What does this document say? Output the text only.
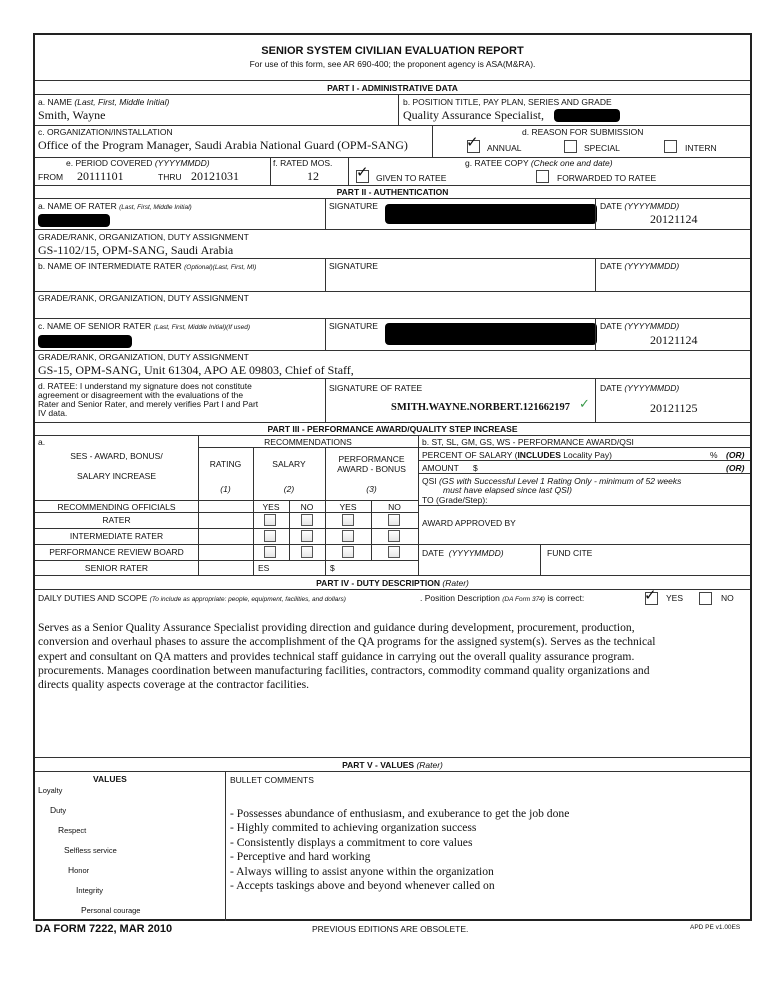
SENIOR SYSTEM CIVILIAN EVALUATION REPORT
For use of this form, see AR 690-400; the proponent agency is ASA(M&RA).
PART I - ADMINISTRATIVE DATA
a. NAME (Last, First, Middle Initial)
Smith, Wayne
b. POSITION TITLE, PAY PLAN, SERIES AND GRADE
Quality Assurance Specialist,
c. ORGANIZATION/INSTALLATION
Office of the Program Manager, Saudi Arabia National Guard (OPM-SANG)
d. REASON FOR SUBMISSION
✓ ANNUAL	SPECIAL	INTERN
e. PERIOD COVERED (YYYYMMDD)
FROM 20111101	THRU 20121031
f. RATED MOS.
12
g. RATEE COPY (Check one and date)
✓ GIVEN TO RATEE	FORWARDED TO RATEE
PART II - AUTHENTICATION
a. NAME OF RATER (Last, First, Middle Initial)	SIGNATURE	DATE (YYYYMMDD)
20121124
GRADE/RANK, ORGANIZATION, DUTY ASSIGNMENT
GS-1102/15, OPM-SANG, Saudi Arabia
b. NAME OF INTERMEDIATE RATER (Optional)(Last, First, MI)	SIGNATURE	DATE (YYYYMMDD)
GRADE/RANK, ORGANIZATION, DUTY ASSIGNMENT
c. NAME OF SENIOR RATER (Last, First, Middle Initial)(If used)	SIGNATURE	DATE (YYYYMMDD)
20121124
GRADE/RANK, ORGANIZATION, DUTY ASSIGNMENT
GS-15, OPM-SANG, Unit 61304, APO AE 09803, Chief of Staff,
d. RATEE: I understand my signature does not constitute
agreement or disagreement with the evaluations of the
Rater and Senior Rater, and merely verifies Part I and Part
IV data.
SIGNATURE OF RATEE
SMITH.WAYNE.NORBERT.121662197 ✓
DATE (YYYYMMDD)
20121125
PART III - PERFORMANCE AWARD/QUALITY STEP INCREASE
a.
SES - AWARD, BONUS/
SALARY INCREASE
RECOMMENDATIONS
RATING
(1)
SALARY
(2)
PERFORMANCE
AWARD - BONUS
(3)
RECOMMENDING OFFICIALS	YES	NO	YES	NO
RATER
INTERMEDIATE RATER
PERFORMANCE REVIEW BOARD
SENIOR RATER	ES	$
b. ST, SL, GM, GS, WS - PERFORMANCE AWARD/QSI
PERCENT OF SALARY (INCLUDES Locality Pay)	% (OR)
AMOUNT $	(OR)
QSI (GS with Successful Level 1 Rating Only - minimum of 52 weeks
must have elapsed since last QSI)
TO (Grade/Step):
AWARD APPROVED BY
DATE (YYYYMMDD)	FUND CITE
PART IV - DUTY DESCRIPTION (Rater)
DAILY DUTIES AND SCOPE (To include as appropriate: people, equipment, facilities, and dollars)	. Position Description (DA Form 374) is correct:	✓ YES	NO
Serves as a Senior Quality Assurance Specialist providing direction and guidance during development, procurement, production,
conversion and overhaul phases to assure the accomplishment of the QA programs for the assigned system(s). Serves as the technical
expert and consultant on QA matters and provides technical staff guidance in carrying out the overall quality assurance program.
procurements. Manages coordination between manufacturing facilities, contractors, commodity command quality organizations and
directs quality aspects coverage at the contractor facilities.
PART V - VALUES (Rater)
VALUES	BULLET COMMENTS
Loyalty
Duty
Respect
Selfless service
Honor
Integrity
Personal courage
- Possesses abundance of enthusiasm, and exuberance to get the job done
- Highly commited to achieving organization success
- Consistently displays a commitment to core values
- Perceptive and hard working
- Always willing to assist anyone within the organization
- Accepts taskings above and beyond whenever called on
DA FORM 7222, MAR 2010	PREVIOUS EDITIONS ARE OBSOLETE.	APD PE v1.00ES
